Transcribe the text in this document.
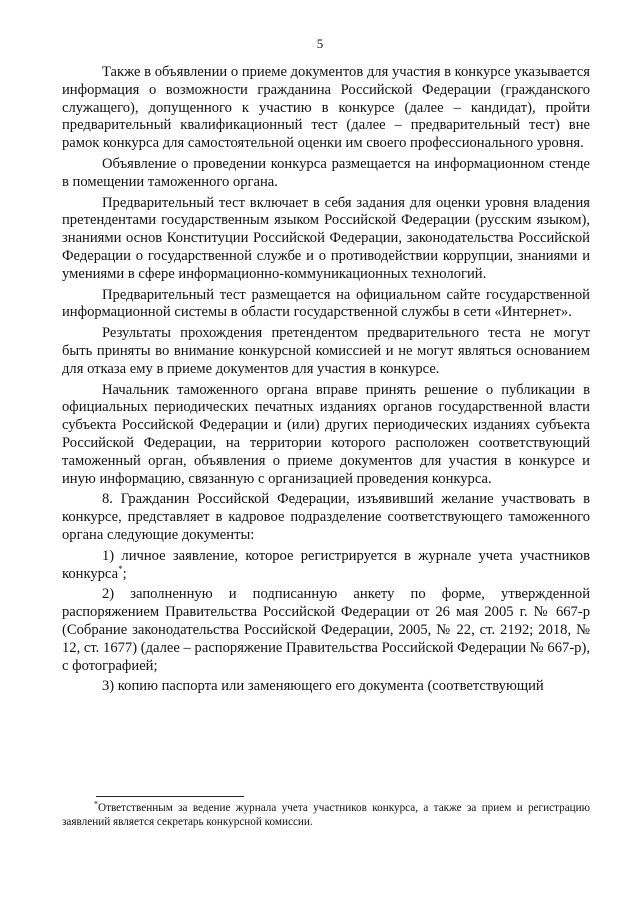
5

Также в объявлении о приеме документов для участия в конкурсе указывается информация о возможности гражданина Российской Федерации (гражданского служащего), допущенного к участию в конкурсе (далее – кандидат), пройти предварительный квалификационный тест (далее – предварительный тест) вне рамок конкурса для самостоятельной оценки им своего профессионального уровня.

Объявление о проведении конкурса размещается на информационном стенде в помещении таможенного органа.

Предварительный тест включает в себя задания для оценки уровня владения претендентами государственным языком Российской Федерации (русским языком), знаниями основ Конституции Российской Федерации, законодательства Российской Федерации о государственной службе и о противодействии коррупции, знаниями и умениями в сфере информационно-коммуникационных технологий.

Предварительный тест размещается на официальном сайте государственной информационной системы в области государственной службы в сети «Интернет».

Результаты прохождения претендентом предварительного теста не могут быть приняты во внимание конкурсной комиссией и не могут являться основанием для отказа ему в приеме документов для участия в конкурсе.

Начальник таможенного органа вправе принять решение о публикации в официальных периодических печатных изданиях органов государственной власти субъекта Российской Федерации и (или) других периодических изданиях субъекта Российской Федерации, на территории которого расположен соответствующий таможенный орган, объявления о приеме документов для участия в конкурсе и иную информацию, связанную с организацией проведения конкурса.

8. Гражданин Российской Федерации, изъявивший желание участвовать в конкурсе, представляет в кадровое подразделение соответствующего таможенного органа следующие документы:

1) личное заявление, которое регистрируется в журнале учета участников конкурса*;

2) заполненную и подписанную анкету по форме, утвержденной распоряжением Правительства Российской Федерации от 26 мая 2005 г. № 667-р (Собрание законодательства Российской Федерации, 2005, № 22, ст. 2192; 2018, № 12, ст. 1677) (далее – распоряжение Правительства Российской Федерации № 667-р), с фотографией;

3) копию паспорта или заменяющего его документа (соответствующий

*Ответственным за ведение журнала учета участников конкурса, а также за прием и регистрацию заявлений является секретарь конкурсной комиссии.
